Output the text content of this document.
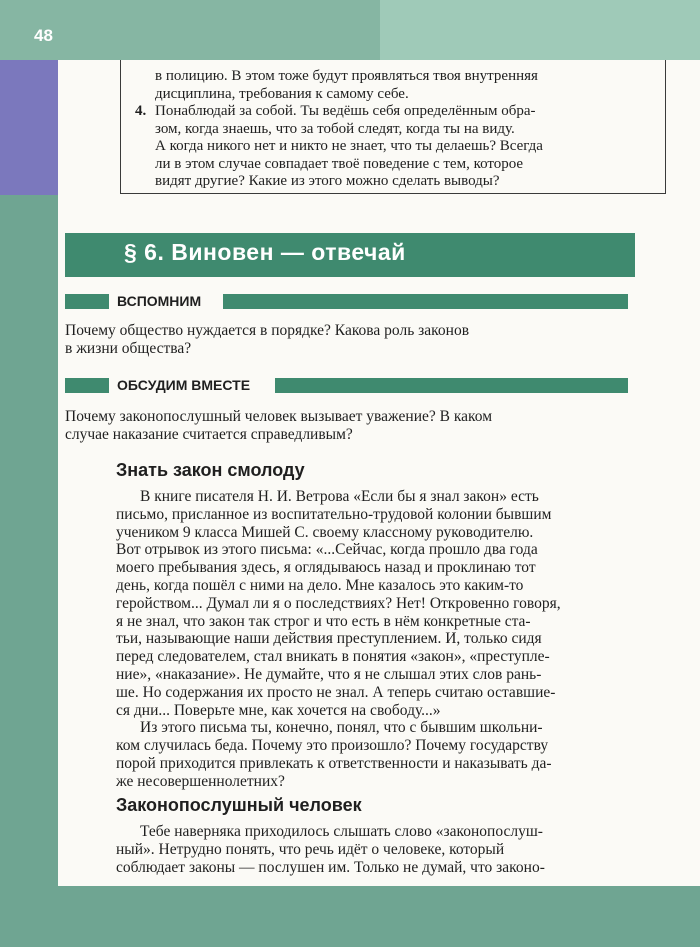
48
в полицию. В этом тоже будут проявляться твоя внутренняя
дисциплина, требования к самому себе.
4. Понаблюдай за собой. Ты ведёшь себя определённым обра-
зом, когда знаешь, что за тобой следят, когда ты на виду.
А когда никого нет и никто не знает, что ты делаешь? Всегда
ли в этом случае совпадает твоё поведение с тем, которое
видят другие? Какие из этого можно сделать выводы?
§ 6. Виновен — отвечай
ВСПОМНИМ
Почему общество нуждается в порядке? Какова роль законов
в жизни общества?
ОБСУДИМ ВМЕСТЕ
Почему законопослушный человек вызывает уважение? В каком
случае наказание считается справедливым?
Знать закон смолоду
В книге писателя Н. И. Ветрова «Если бы я знал закон» есть
письмо, присланное из воспитательно-трудовой колонии бывшим
учеником 9 класса Мишей С. своему классному руководителю.
Вот отрывок из этого письма: «...Сейчас, когда прошло два года
моего пребывания здесь, я оглядываюсь назад и проклинаю тот
день, когда пошёл с ними на дело. Мне казалось это каким-то
геройством... Думал ли я о последствиях? Нет! Откровенно говоря,
я не знал, что закон так строг и что есть в нём конкретные ста-
тьи, называющие наши действия преступлением. И, только сидя
перед следователем, стал вникать в понятия «закон», «преступле-
ние», «наказание». Не думайте, что я не слышал этих слов рань-
ше. Но содержания их просто не знал. А теперь считаю оставшие-
ся дни... Поверьте мне, как хочется на свободу...»
Из этого письма ты, конечно, понял, что с бывшим школьни-
ком случилась беда. Почему это произошло? Почему государству
порой приходится привлекать к ответственности и наказывать да-
же несовершеннолетних?
Законопослушный человек
Тебе наверняка приходилось слышать слово «законопослуш-
ный». Нетрудно понять, что речь идёт о человеке, который
соблюдает законы — послушен им. Только не думай, что законо-
